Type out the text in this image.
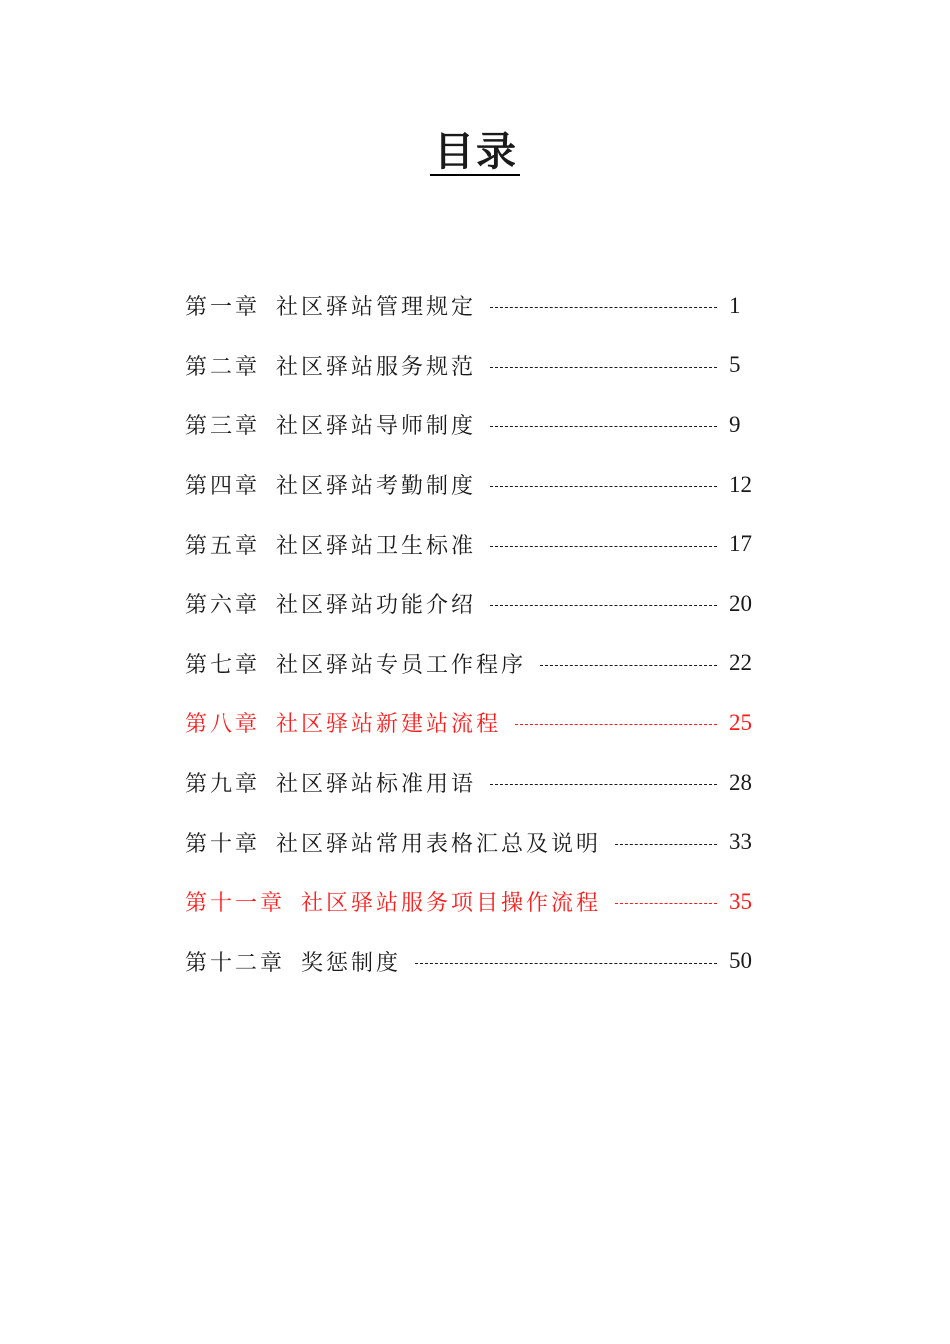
目录
第一章 社区驿站管理规定	1
第二章 社区驿站服务规范	5
第三章 社区驿站导师制度	9
第四章 社区驿站考勤制度	12
第五章 社区驿站卫生标准	17
第六章 社区驿站功能介绍	20
第七章 社区驿站专员工作程序	22
第八章 社区驿站新建站流程	25
第九章 社区驿站标准用语	28
第十章 社区驿站常用表格汇总及说明	33
第十一章 社区驿站服务项目操作流程	35
第十二章 奖惩制度	50
